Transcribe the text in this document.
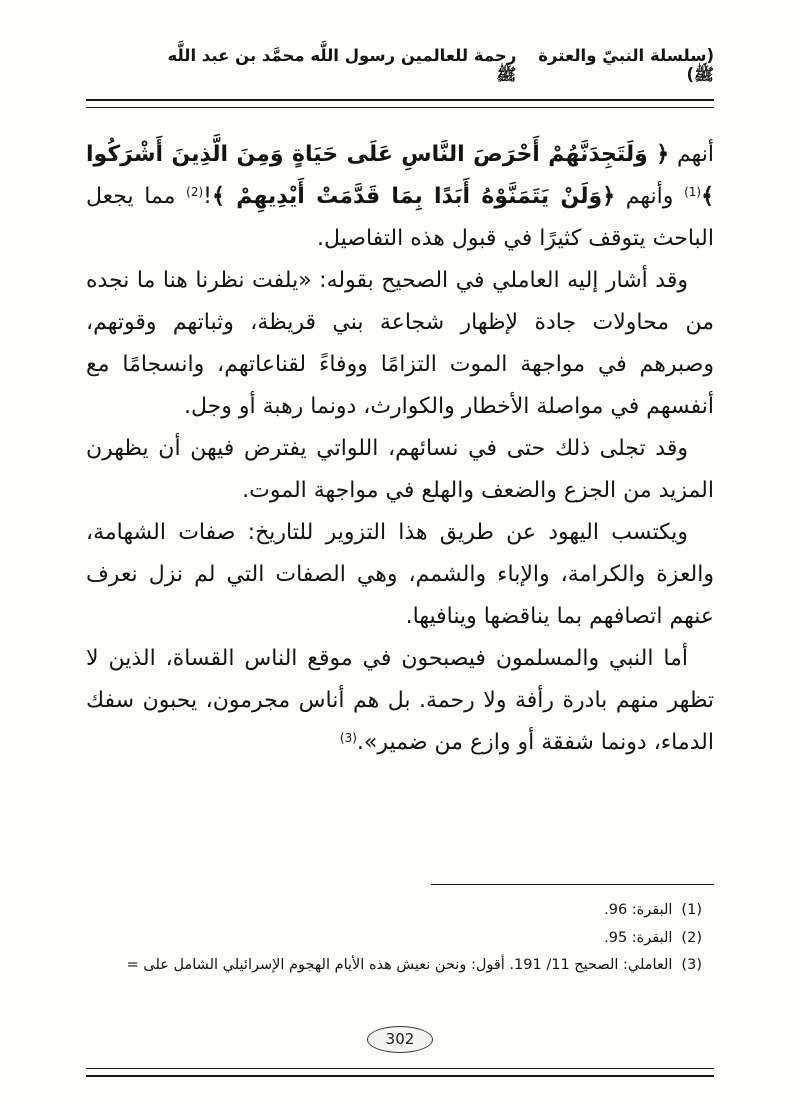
(سلسلة النبيّ والعترة ﷺ)
رحمة للعالمين رسول اللَّه محمَّد بن عبد اللَّه ﷺ

أنهم ﴿ وَلَتَجِدَنَّهُمْ أَحْرَصَ النَّاسِ عَلَى حَيَاةٍ وَمِنَ الَّذِينَ أَشْرَكُوا ﴾$^{(1)}$ وأنهم ﴿وَلَنْ يَتَمَنَّوْهُ أَبَدًا بِمَا قَدَّمَتْ أَيْدِيهِمْ ﴾!$^{(2)}$ مما يجعل الباحث يتوقف كثيرًا في قبول هذه التفاصيل.

وقد أشار إليه العاملي في الصحيح بقوله: «يلفت نظرنا هنا ما نجده من محاولات جادة لإظهار شجاعة بني قريظة، وثباتهم وقوتهم، وصبرهم في مواجهة الموت التزامًا ووفاءً لقناعاتهم، وانسجامًا مع أنفسهم في مواصلة الأخطار والكوارث، دونما رهبة أو وجل.

وقد تجلى ذلك حتى في نسائهم، اللواتي يفترض فيهن أن يظهرن المزيد من الجزع والضعف والهلع في مواجهة الموت.

ويكتسب اليهود عن طريق هذا التزوير للتاريخ: صفات الشهامة، والعزة والكرامة، والإباء والشمم، وهي الصفات التي لم نزل نعرف عنهم اتصافهم بما يناقضها وينافيها.

أما النبي والمسلمون فيصبحون في موقع الناس القساة، الذين لا تظهر منهم بادرة رأفة ولا رحمة. بل هم أناس مجرمون، يحبون سفك الدماء، دونما شفقة أو وازع من ضمير».$^{(3)}$

(1)البقرة: 96.
(2)البقرة: 95.
(3)العاملي: الصحيح 11/ 191. أقول: ونحن نعيش هذه الأيام الهجوم الإسرائيلي الشامل على =
302
